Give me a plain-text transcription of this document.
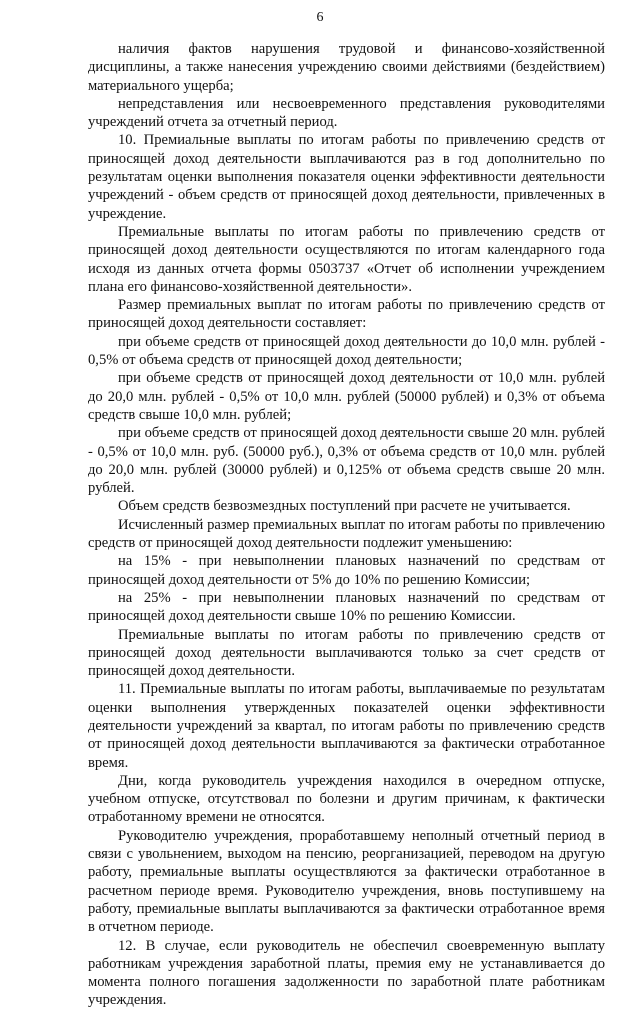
6

наличия фактов нарушения трудовой и финансово-хозяйственной дисциплины, а также нанесения учреждению своими действиями (бездействием) материального ущерба;

непредставления или несвоевременного представления руководителями учреждений отчета за отчетный период.

10. Премиальные выплаты по итогам работы по привлечению средств от приносящей доход деятельности выплачиваются раз в год дополнительно по результатам оценки выполнения показателя оценки эффективности деятельности учреждений - объем средств от приносящей доход деятельности, привлеченных в учреждение.

Премиальные выплаты по итогам работы по привлечению средств от приносящей доход деятельности осуществляются по итогам календарного года исходя из данных отчета формы 0503737 «Отчет об исполнении учреждением плана его финансово-хозяйственной деятельности».

Размер премиальных выплат по итогам работы по привлечению средств от приносящей доход деятельности составляет:

при объеме средств от приносящей доход деятельности до 10,0 млн. рублей - 0,5% от объема средств от приносящей доход деятельности;

при объеме средств от приносящей доход деятельности от 10,0 млн. рублей до 20,0 млн. рублей - 0,5% от 10,0 млн. рублей (50000 рублей) и 0,3% от объема средств свыше 10,0 млн. рублей;

при объеме средств от приносящей доход деятельности свыше 20 млн. рублей - 0,5% от 10,0 млн. руб. (50000 руб.), 0,3% от объема средств от 10,0 млн. рублей до 20,0 млн. рублей (30000 рублей) и 0,125% от объема средств свыше 20 млн. рублей.

Объем средств безвозмездных поступлений при расчете не учитывается.

Исчисленный размер премиальных выплат по итогам работы по привлечению средств от приносящей доход деятельности подлежит уменьшению:

на 15% - при невыполнении плановых назначений по средствам от приносящей доход деятельности от 5% до 10% по решению Комиссии;

на 25% - при невыполнении плановых назначений по средствам от приносящей доход деятельности свыше 10% по решению Комиссии.

Премиальные выплаты по итогам работы по привлечению средств от приносящей доход деятельности выплачиваются только за счет средств от приносящей доход деятельности.

11. Премиальные выплаты по итогам работы, выплачиваемые по результатам оценки выполнения утвержденных показателей оценки эффективности деятельности учреждений за квартал, по итогам работы по привлечению средств от приносящей доход деятельности выплачиваются за фактически отработанное время.

Дни, когда руководитель учреждения находился в очередном отпуске, учебном отпуске, отсутствовал по болезни и другим причинам, к фактически отработанному времени не относятся.

Руководителю учреждения, проработавшему неполный отчетный период в связи с увольнением, выходом на пенсию, реорганизацией, переводом на другую работу, премиальные выплаты осуществляются за фактически отработанное в расчетном периоде время. Руководителю учреждения, вновь поступившему на работу, премиальные выплаты выплачиваются за фактически отработанное время в отчетном периоде.

12. В случае, если руководитель не обеспечил своевременную выплату работникам учреждения заработной платы, премия ему не устанавливается до момента полного погашения задолженности по заработной плате работникам учреждения.
